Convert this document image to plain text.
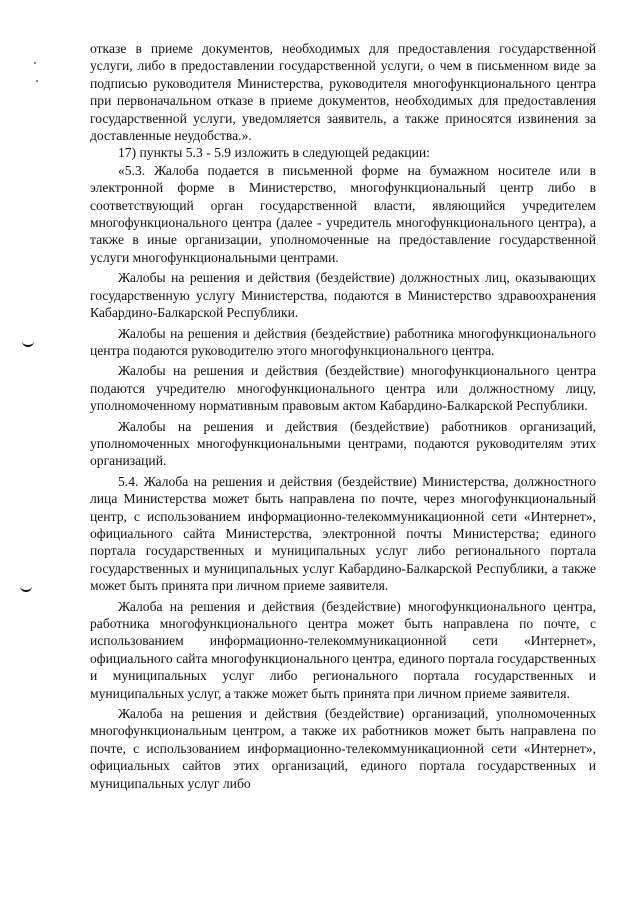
отказе в приеме документов, необходимых для предоставления государственной услуги, либо в предоставлении государственной услуги, о чем в письменном виде за подписью руководителя Министерства, руководителя многофункционального центра при первоначальном отказе в приеме документов, необходимых для предоставления государственной услуги, уведомляется заявитель, а также приносятся извинения за доставленные неудобства.».

17) пункты 5.3 - 5.9 изложить в следующей редакции:

«5.3. Жалоба подается в письменной форме на бумажном носителе или в электронной форме в Министерство, многофункциональный центр либо в соответствующий орган государственной власти, являющийся учредителем многофункционального центра (далее - учредитель многофункционального центра), а также в иные организации, уполномоченные на предоставление государственной услуги многофункциональными центрами.

Жалобы на решения и действия (бездействие) должностных лиц, оказывающих государственную услугу Министерства, подаются в Министерство здравоохранения Кабардино-Балкарской Республики.

Жалобы на решения и действия (бездействие) работника многофункционального центра подаются руководителю этого многофункционального центра.

Жалобы на решения и действия (бездействие) многофункционального центра подаются учредителю многофункционального центра или должностному лицу, уполномоченному нормативным правовым актом Кабардино-Балкарской Республики.

Жалобы на решения и действия (бездействие) работников организаций, уполномоченных многофункциональными центрами, подаются руководителям этих организаций.

5.4. Жалоба на решения и действия (бездействие) Министерства, должностного лица Министерства может быть направлена по почте, через многофункциональный центр, с использованием информационно-телекоммуникационной сети «Интернет», официального сайта Министерства, электронной почты Министерства; единого портала государственных и муниципальных услуг либо регионального портала государственных и муниципальных услуг Кабардино-Балкарской Республики, а также может быть принята при личном приеме заявителя.

Жалоба на решения и действия (бездействие) многофункционального центра, работника многофункционального центра может быть направлена по почте, с использованием информационно-телекоммуникационной сети «Интернет», официального сайта многофункционального центра, единого портала государственных и муниципальных услуг либо регионального портала государственных и муниципальных услуг, а также может быть принята при личном приеме заявителя.

Жалоба на решения и действия (бездействие) организаций, уполномоченных многофункциональным центром, а также их работников может быть направлена по почте, с использованием информационно-телекоммуникационной сети «Интернет», официальных сайтов этих организаций, единого портала государственных и муниципальных услуг либо
